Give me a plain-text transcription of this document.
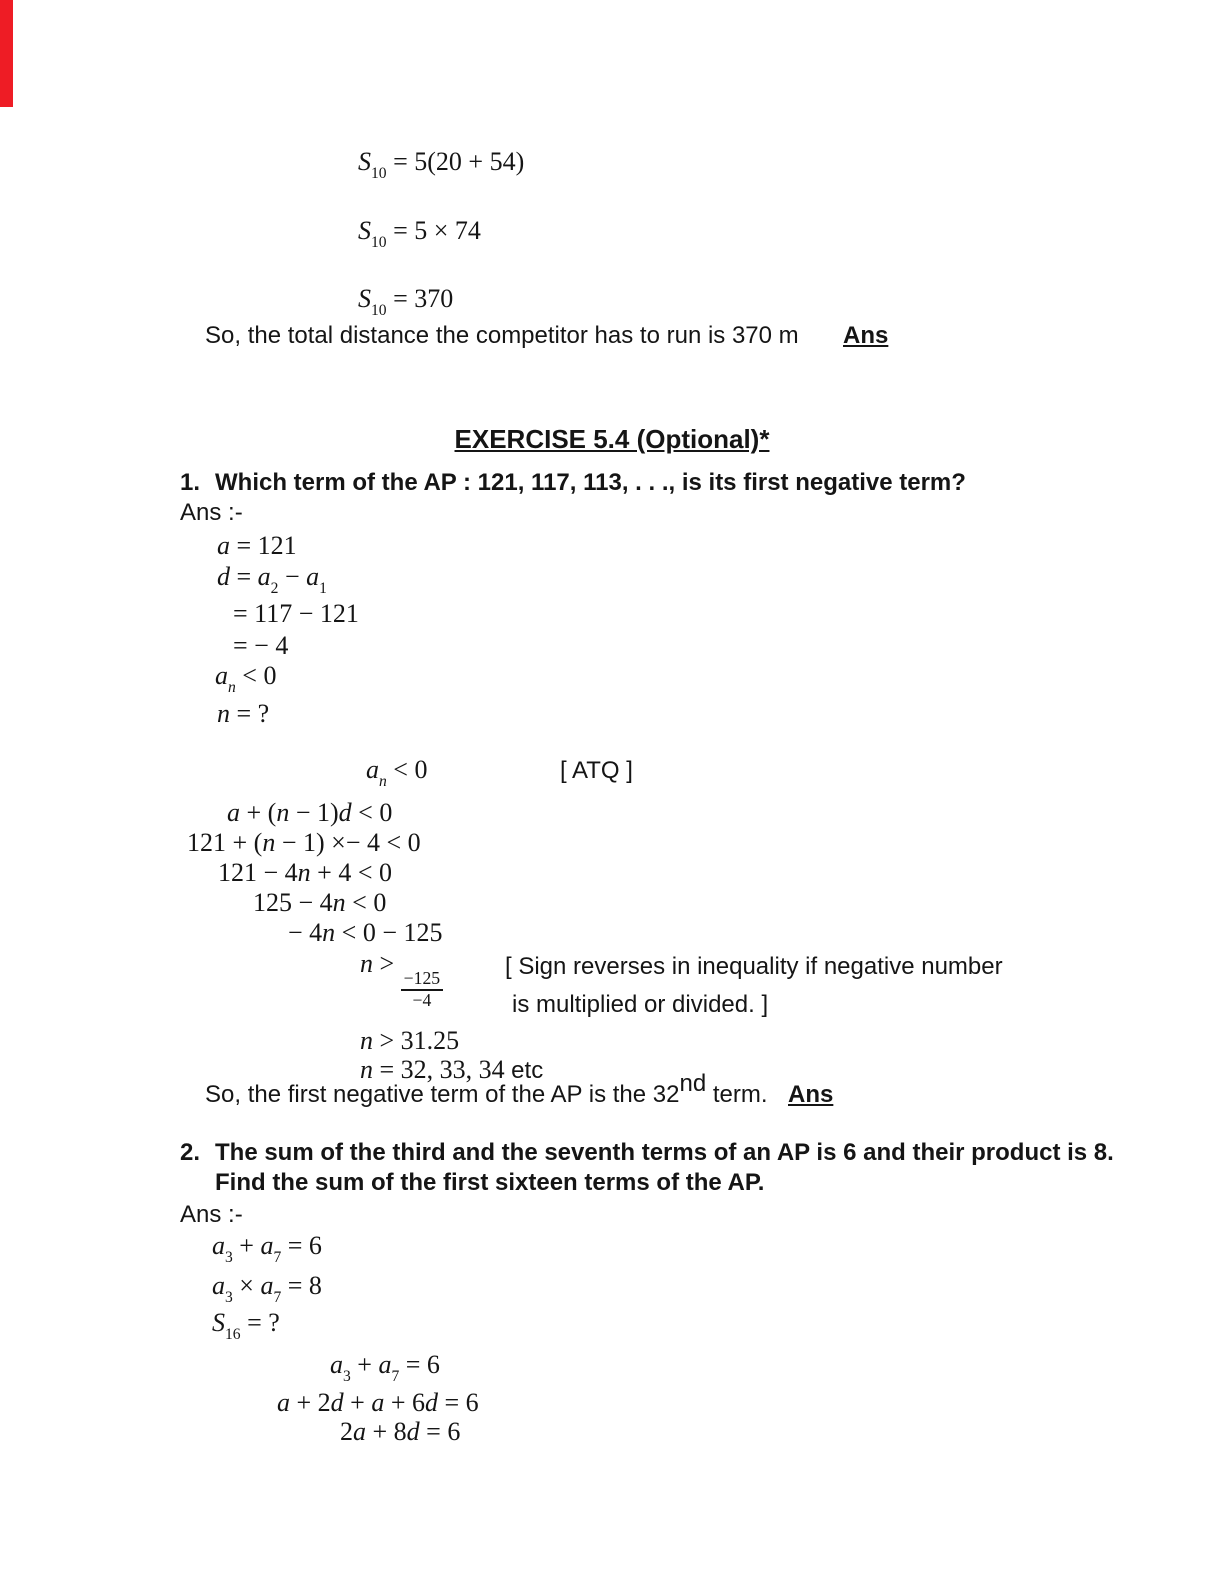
$S_{10} = 5(20 + 54)$
$S_{10} = 5 \times 74$
$S_{10} = 370$
So, the total distance the competitor has to run is 370 m Ans
EXERCISE 5.4 (Optional)*
1. Which term of the AP : 121, 117, 113, . . ., is its first negative term?
Ans :-
a = 121
$d = a_2 - a_1$
= 117 − 121
= − 4
$a_n < 0$
n = ?
$a_n < 0$	[ ATQ ]
a + (n − 1)d < 0
121 + (n − 1) ×− 4 < 0
121 − 4n + 4 < 0
125 − 4n < 0
− 4n < 0 − 125
n >
$\frac{-125}{-4}$
[ Sign reverses in inequality if negative number
is multiplied or divided. ]
n > 31.25
n = 32, 33, 34 etc
So, the first negative term of the AP is the 32nd term. Ans
2. The sum of the third and the seventh terms of an AP is 6 and their product is 8.
Find the sum of the first sixteen terms of the AP.
Ans :-
$a_3 + a_7 = 6$
$a_3 \times a_7 = 8$
$S_{16}$ = ?
$a_3 + a_7 = 6$
a + 2d + a + 6d = 6
2a + 8d = 6
